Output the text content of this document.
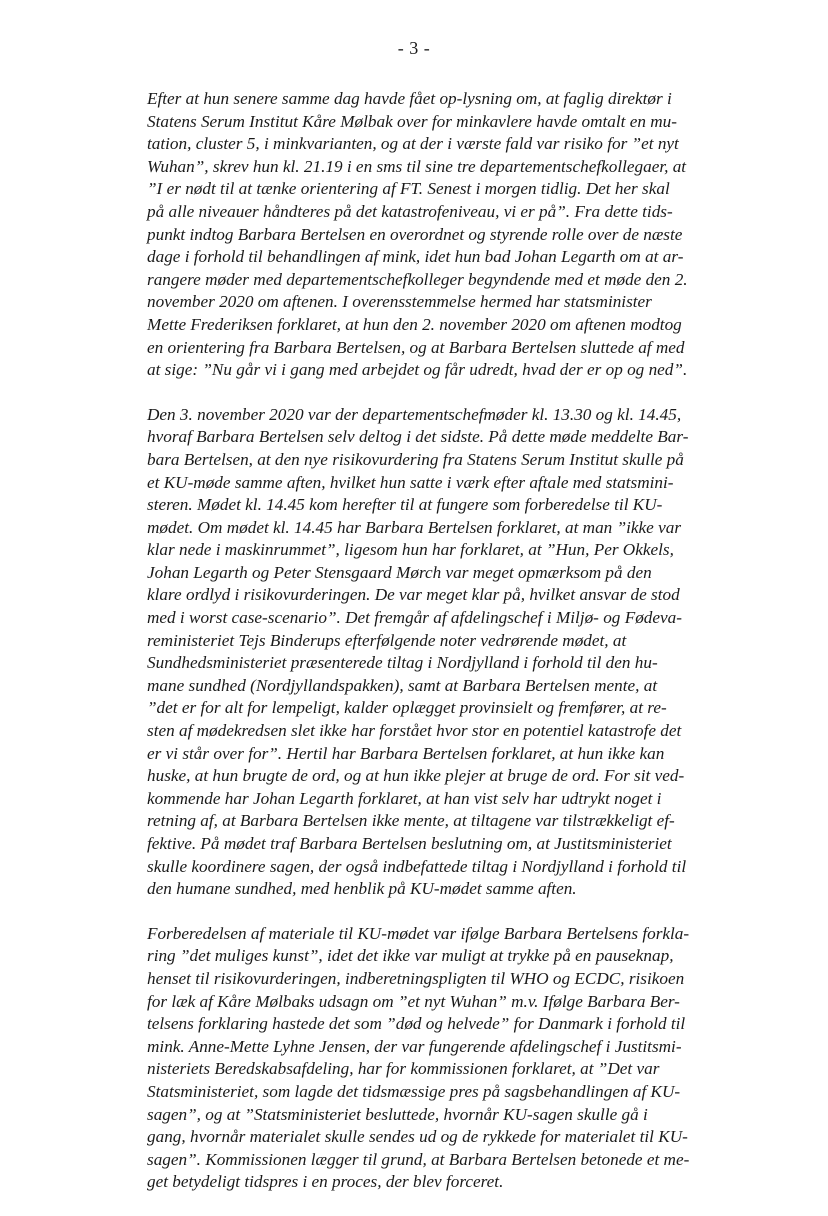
- 3 -

Efter at hun senere samme dag havde fået op-lysning om, at faglig direktør i
Statens Serum Institut Kåre Mølbak over for minkavlere havde omtalt en mu-
tation, cluster 5, i minkvarianten, og at der i værste fald var risiko for ”et nyt
Wuhan”, skrev hun kl. 21.19 i en sms til sine tre departementschefkollegaer, at
”I er nødt til at tænke orientering af FT. Senest i morgen tidlig. Det her skal
på alle niveauer håndteres på det katastrofeniveau, vi er på”. Fra dette tids-
punkt indtog Barbara Bertelsen en overordnet og styrende rolle over de næste
dage i forhold til behandlingen af mink, idet hun bad Johan Legarth om at ar-
rangere møder med departementschefkolleger begyndende med et møde den 2.
november 2020 om aftenen. I overensstemmelse hermed har statsminister
Mette Frederiksen forklaret, at hun den 2. november 2020 om aftenen modtog
en orientering fra Barbara Bertelsen, og at Barbara Bertelsen sluttede af med
at sige: ”Nu går vi i gang med arbejdet og får udredt, hvad der er op og ned”.

Den 3. november 2020 var der departementschefmøder kl. 13.30 og kl. 14.45,
hvoraf Barbara Bertelsen selv deltog i det sidste. På dette møde meddelte Bar-
bara Bertelsen, at den nye risikovurdering fra Statens Serum Institut skulle på
et KU-møde samme aften, hvilket hun satte i værk efter aftale med statsmini-
steren. Mødet kl. 14.45 kom herefter til at fungere som forberedelse til KU-
mødet. Om mødet kl. 14.45 har Barbara Bertelsen forklaret, at man ”ikke var
klar nede i maskinrummet”, ligesom hun har forklaret, at ”Hun, Per Okkels,
Johan Legarth og Peter Stensgaard Mørch var meget opmærksom på den
klare ordlyd i risikovurderingen. De var meget klar på, hvilket ansvar de stod
med i worst case-scenario”. Det fremgår af afdelingschef i Miljø- og Fødeva-
reministeriet Tejs Binderups efterfølgende noter vedrørende mødet, at
Sundhedsministeriet præsenterede tiltag i Nordjylland i forhold til den hu-
mane sundhed (Nordjyllandspakken), samt at Barbara Bertelsen mente, at
”det er for alt for lempeligt, kalder oplægget provinsielt og fremfører, at re-
sten af mødekredsen slet ikke har forstået hvor stor en potentiel katastrofe det
er vi står over for”. Hertil har Barbara Bertelsen forklaret, at hun ikke kan
huske, at hun brugte de ord, og at hun ikke plejer at bruge de ord. For sit ved-
kommende har Johan Legarth forklaret, at han vist selv har udtrykt noget i
retning af, at Barbara Bertelsen ikke mente, at tiltagene var tilstrækkeligt ef-
fektive. På mødet traf Barbara Bertelsen beslutning om, at Justitsministeriet
skulle koordinere sagen, der også indbefattede tiltag i Nordjylland i forhold til
den humane sundhed, med henblik på KU-mødet samme aften.

Forberedelsen af materiale til KU-mødet var ifølge Barbara Bertelsens forkla-
ring ”det muliges kunst”, idet det ikke var muligt at trykke på en pauseknap,
henset til risikovurderingen, indberetningspligten til WHO og ECDC, risikoen
for læk af Kåre Mølbaks udsagn om ”et nyt Wuhan” m.v. Ifølge Barbara Ber-
telsens forklaring hastede det som ”død og helvede” for Danmark i forhold til
mink. Anne-Mette Lyhne Jensen, der var fungerende afdelingschef i Justitsmi-
nisteriets Beredskabsafdeling, har for kommissionen forklaret, at ”Det var
Statsministeriet, som lagde det tidsmæssige pres på sagsbehandlingen af KU-
sagen”, og at ”Statsministeriet besluttede, hvornår KU-sagen skulle gå i
gang, hvornår materialet skulle sendes ud og de rykkede for materialet til KU-
sagen”. Kommissionen lægger til grund, at Barbara Bertelsen betonede et me-
get betydeligt tidspres i en proces, der blev forceret.
